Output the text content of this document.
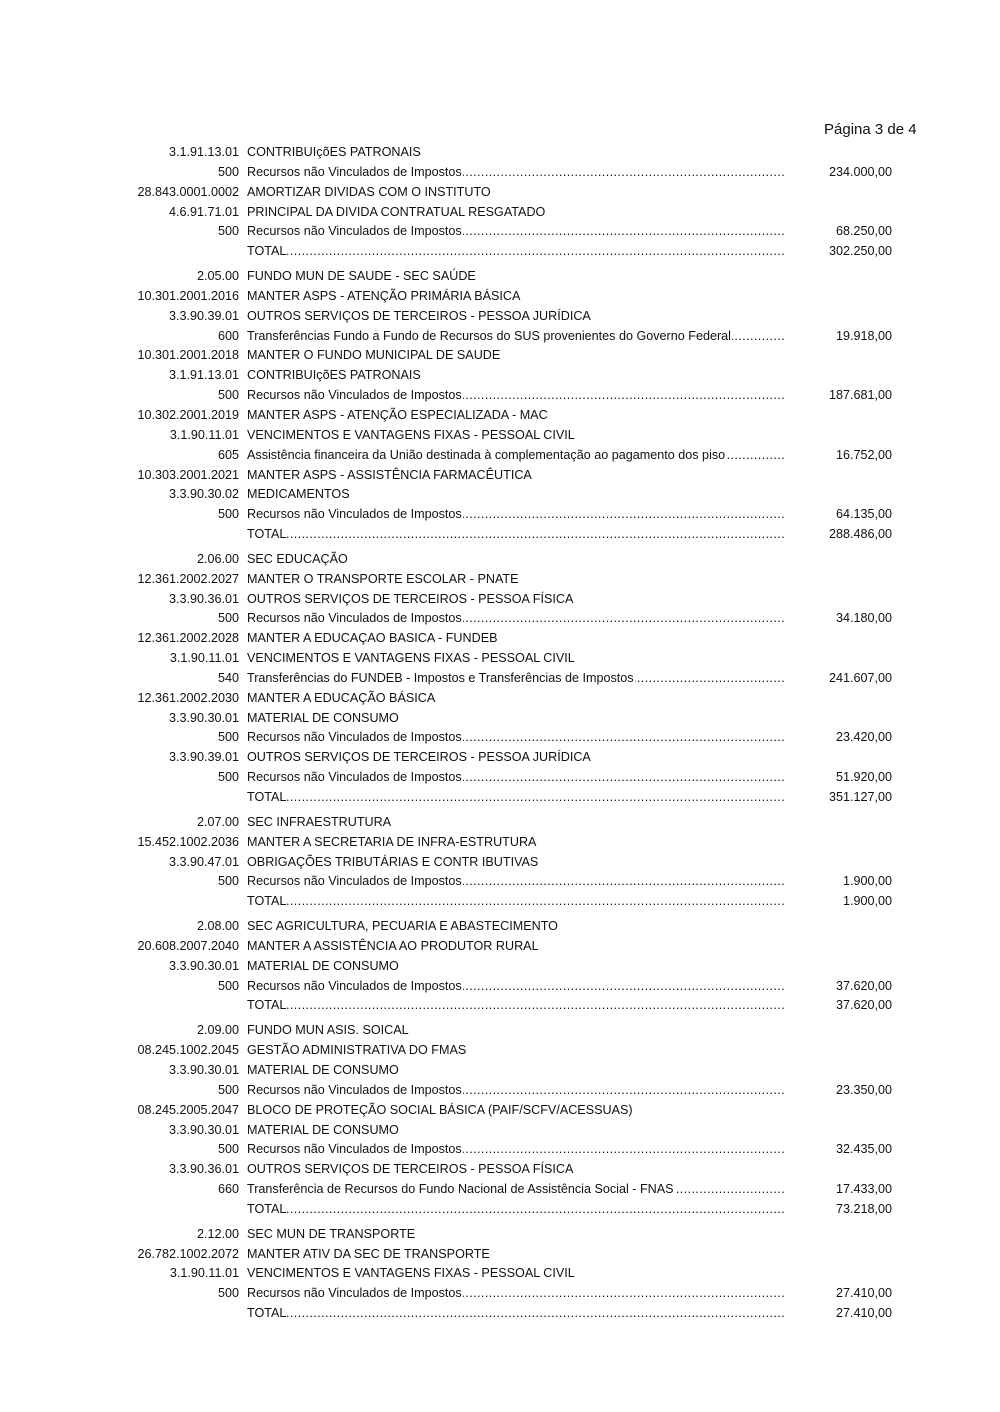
Página 3 de 4
3.1.91.13.01 CONTRIBUIçõES PATRONAIS
500 Recursos não Vinculados de Impostos .....	234.000,00
28.843.0001.0002 AMORTIZAR DIVIDAS COM O INSTITUTO
4.6.91.71.01 PRINCIPAL DA DIVIDA CONTRATUAL RESGATADO
500 Recursos não Vinculados de Impostos .....	68.250,00
TOTAL .....	302.250,00
2.05.00 FUNDO MUN DE SAUDE - SEC SAÚDE
10.301.2001.2016 MANTER ASPS - ATENÇÃO PRIMÁRIA BÁSICA
3.3.90.39.01 OUTROS SERVIÇOS DE TERCEIROS - PESSOA JURÍDICA
600 Transferências Fundo a Fundo de Recursos do SUS provenientes do Governo Federal .....	19.918,00
10.301.2001.2018 MANTER O FUNDO MUNICIPAL DE SAUDE
3.1.91.13.01 CONTRIBUIçõES PATRONAIS
500 Recursos não Vinculados de Impostos .....	187.681,00
10.302.2001.2019 MANTER ASPS - ATENÇÃO ESPECIALIZADA - MAC
3.1.90.11.01 VENCIMENTOS E VANTAGENS FIXAS - PESSOAL CIVIL
605 Assistência financeira da União destinada à complementação ao pagamento dos piso .....	16.752,00
10.303.2001.2021 MANTER ASPS - ASSISTÊNCIA FARMACÊUTICA
3.3.90.30.02 MEDICAMENTOS
500 Recursos não Vinculados de Impostos .....	64.135,00
TOTAL .....	288.486,00
2.06.00 SEC EDUCAÇÃO
12.361.2002.2027 MANTER O TRANSPORTE ESCOLAR - PNATE
3.3.90.36.01 OUTROS SERVIÇOS DE TERCEIROS - PESSOA FÍSICA
500 Recursos não Vinculados de Impostos .....	34.180,00
12.361.2002.2028 MANTER A EDUCAÇAO BASICA - FUNDEB
3.1.90.11.01 VENCIMENTOS E VANTAGENS FIXAS - PESSOAL CIVIL
540 Transferências do FUNDEB - Impostos e Transferências de Impostos .....	241.607,00
12.361.2002.2030 MANTER A EDUCAÇÃO BÁSICA
3.3.90.30.01 MATERIAL DE CONSUMO
500 Recursos não Vinculados de Impostos .....	23.420,00
3.3.90.39.01 OUTROS SERVIÇOS DE TERCEIROS - PESSOA JURÍDICA
500 Recursos não Vinculados de Impostos .....	51.920,00
TOTAL .....	351.127,00
2.07.00 SEC INFRAESTRUTURA
15.452.1002.2036 MANTER A SECRETARIA DE INFRA-ESTRUTURA
3.3.90.47.01 OBRIGAÇÕES TRIBUTÁRIAS E CONTR IBUTIVAS
500 Recursos não Vinculados de Impostos .....	1.900,00
TOTAL .....	1.900,00
2.08.00 SEC AGRICULTURA, PECUARIA E ABASTECIMENTO
20.608.2007.2040 MANTER A ASSISTÊNCIA AO PRODUTOR RURAL
3.3.90.30.01 MATERIAL DE CONSUMO
500 Recursos não Vinculados de Impostos .....	37.620,00
TOTAL .....	37.620,00
2.09.00 FUNDO MUN ASIS. SOICAL
08.245.1002.2045 GESTÃO ADMINISTRATIVA DO FMAS
3.3.90.30.01 MATERIAL DE CONSUMO
500 Recursos não Vinculados de Impostos .....	23.350,00
08.245.2005.2047 BLOCO DE PROTEÇÃO SOCIAL BÁSICA (PAIF/SCFV/ACESSUAS)
3.3.90.30.01 MATERIAL DE CONSUMO
500 Recursos não Vinculados de Impostos .....	32.435,00
3.3.90.36.01 OUTROS SERVIÇOS DE TERCEIROS - PESSOA FÍSICA
660 Transferência de Recursos do Fundo Nacional de Assistência Social - FNAS .....	17.433,00
TOTAL .....	73.218,00
2.12.00 SEC MUN DE TRANSPORTE
26.782.1002.2072 MANTER ATIV DA SEC DE TRANSPORTE
3.1.90.11.01 VENCIMENTOS E VANTAGENS FIXAS - PESSOAL CIVIL
500 Recursos não Vinculados de Impostos .....	27.410,00
TOTAL .....	27.410,00
